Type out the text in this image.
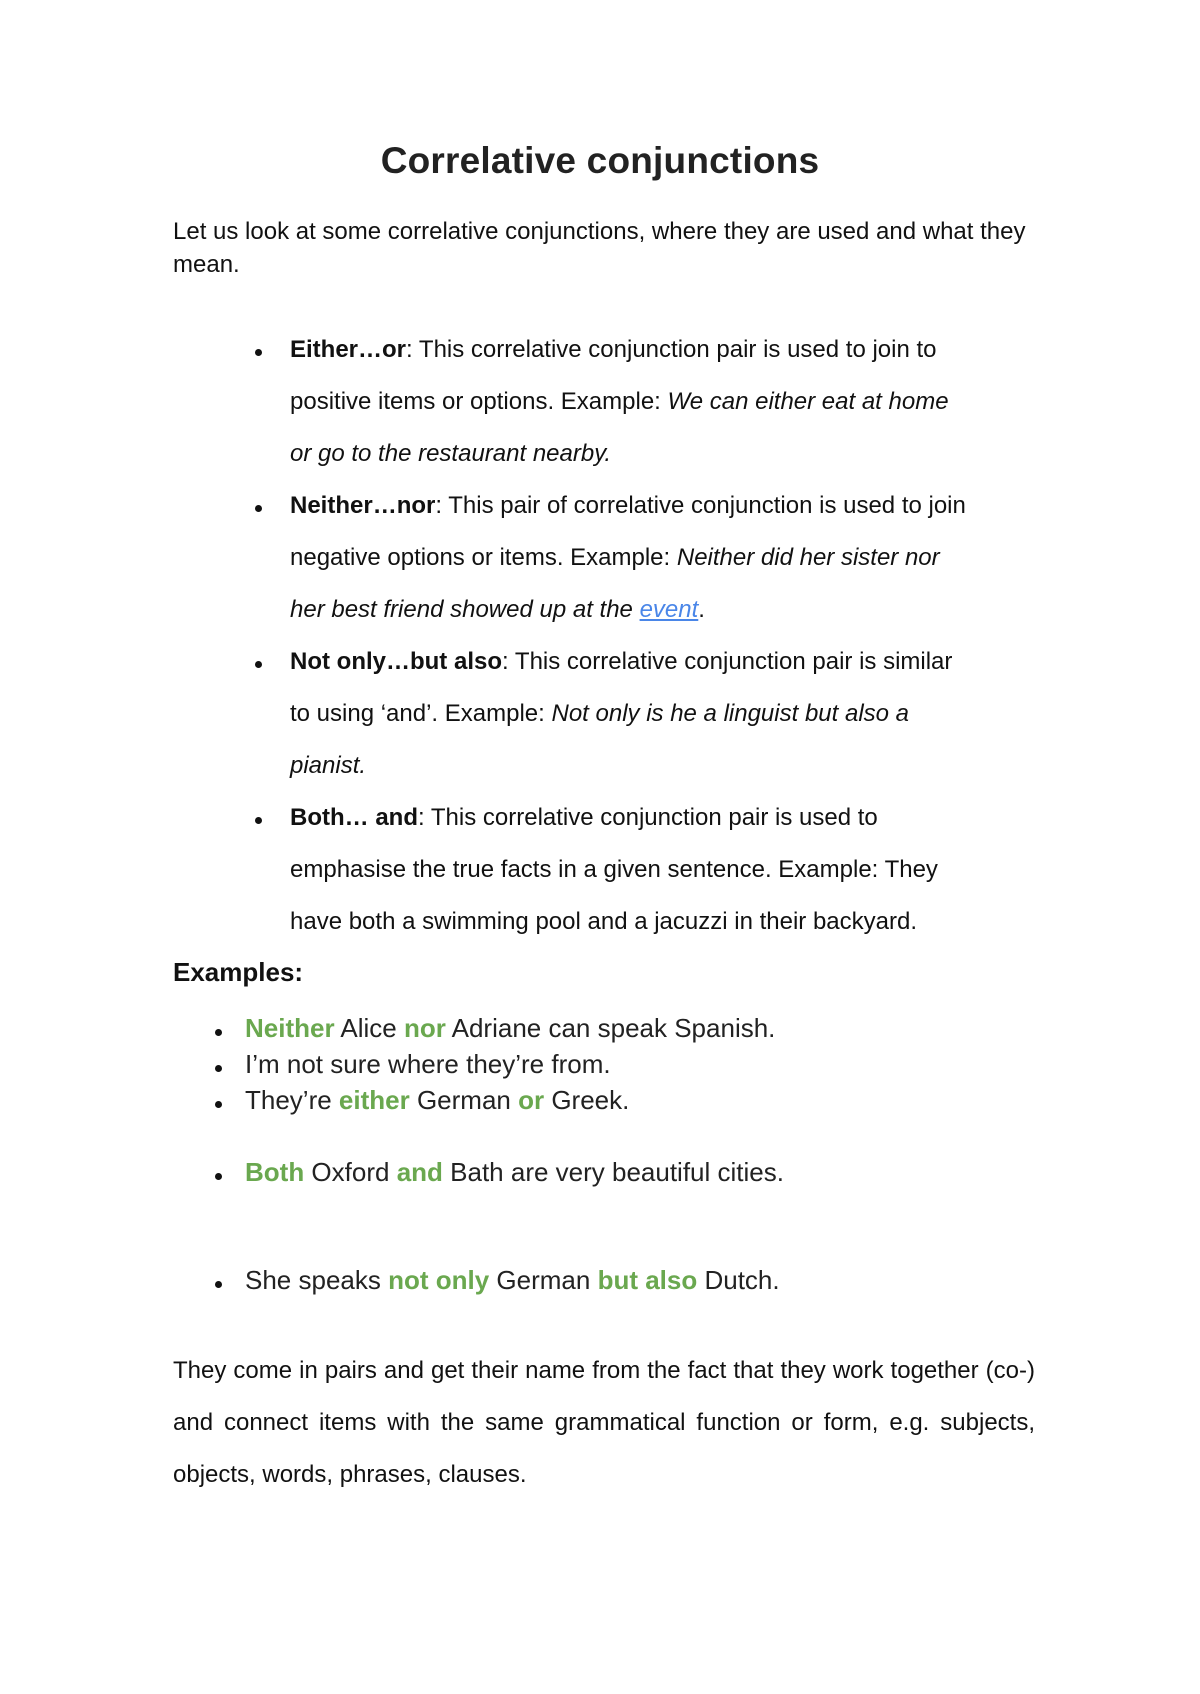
Correlative conjunctions
Let us look at some correlative conjunctions, where they are used and what they mean.
Either…or: This correlative conjunction pair is used to join to
positive items or options. Example: We can either eat at home
or go to the restaurant nearby.
Neither…nor: This pair of correlative conjunction is used to join
negative options or items. Example: Neither did her sister nor
her best friend showed up at the event.
Not only…but also: This correlative conjunction pair is similar
to using ‘and’. Example: Not only is he a linguist but also a
pianist.
Both… and: This correlative conjunction pair is used to
emphasise the true facts in a given sentence. Example: They
have both a swimming pool and a jacuzzi in their backyard.
Examples:
Neither Alice nor Adriane can speak Spanish.
I’m not sure where they’re from.
They’re either German or Greek.
Both Oxford and Bath are very beautiful cities.
She speaks not only German but also Dutch.
They come in pairs and get their name from the fact that they work together (co-) and connect items with the same grammatical function or form, e.g. subjects, objects, words, phrases, clauses.
